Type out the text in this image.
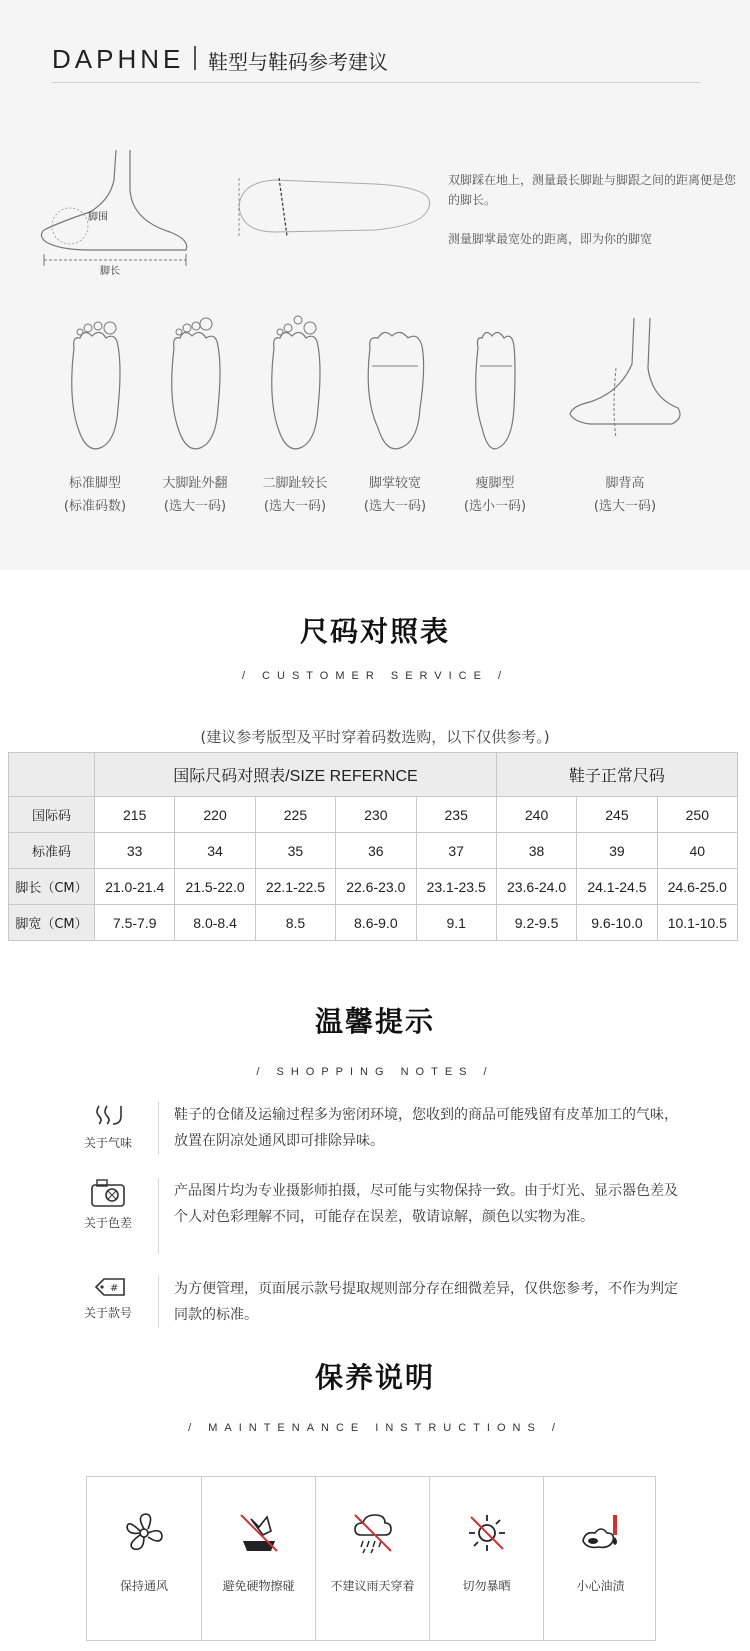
DAPHNE 鞋型与鞋码参考建议
脚围
脚长
双脚踩在地上，测量最长脚趾与脚跟之间的距离便是您的脚长。
测量脚掌最宽处的距离，即为你的脚宽
标准脚型
(标准码数)
大脚趾外翻
(选大一码)
二脚趾较长
(选大一码)
脚掌较宽
(选大一码)
瘦脚型
(选小一码)
脚背高
(选大一码)
尺码对照表
/ CUSTOMER SERVICE /
(建议参考版型及平时穿着码数选购，以下仅供参考。)
	国际尺码对照表/SIZE REFERNCE					鞋子正常尺码		
国际码	215	220	225	230	235	240	245	250
标准码	33	34	35	36	37	38	39	40
脚长（CM）	21.0-21.4	21.5-22.0	22.1-22.5	22.6-23.0	23.1-23.5	23.6-24.0	24.1-24.5	24.6-25.0
脚宽（CM）	7.5-7.9	8.0-8.4	8.5	8.6-9.0	9.1	9.2-9.5	9.6-10.0	10.1-10.5
温馨提示
/ SHOPPING NOTES /
关于气味
鞋子的仓储及运输过程多为密闭环境，您收到的商品可能残留有皮革加工的气味，放置在阴凉处通风即可排除异味。
关于色差
产品图片均为专业摄影师拍摄，尽可能与实物保持一致。由于灯光、显示器色差及个人对色彩理解不同，可能存在误差，敬请谅解，颜色以实物为准。
#
关于款号
为方便管理，页面展示款号提取规则部分存在细微差异，仅供您参考，不作为判定同款的标准。
保养说明
/ MAINTENANCE INSTRUCTIONS /
保持通风	避免硬物擦碰	不建议雨天穿着	切勿暴晒	小心油渍
